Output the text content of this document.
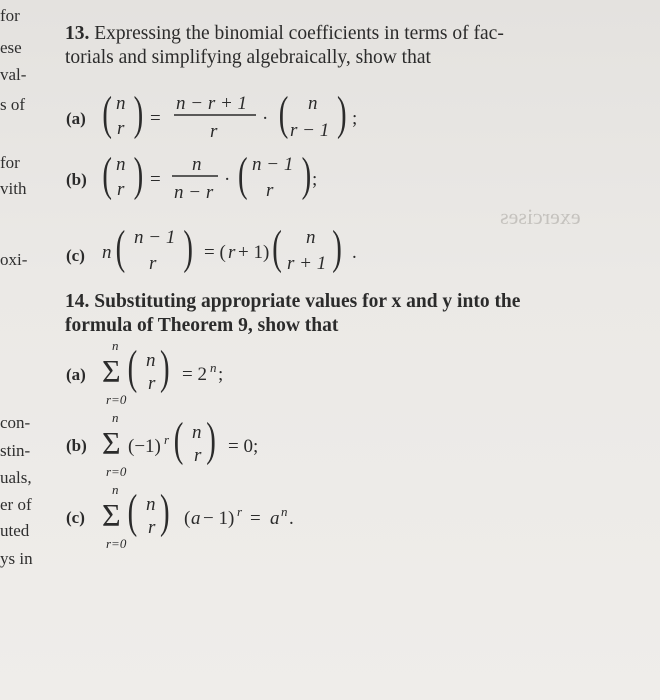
for
ese
val-
s of
for
vith
oxi-
con-
stin-
uals,
er of
uted
ys in
exercises
13. Expressing the binomial coefficients in terms of fac-
torials and simplifying algebraically, show that
(a) ( n
r ) =
n − r + 1
r
· ( n
r − 1 ) ;
(b) ( n
r ) =
n
n − r
· ( n − 1
r ) ;
(c) n ( n − 1
r ) = ( r + 1) ( n
r + 1 ) .
14. Substituting appropriate values for x and y into the
formula of Theorem 9, show that
(a)
n
Σ
r=0
( n
r ) = 2 n ;
(b)
n
Σ
r=0
(−1) r ( n
r ) = 0;
(c)
n
Σ
r=0
( n
r ) ( a − 1) r = a n .
